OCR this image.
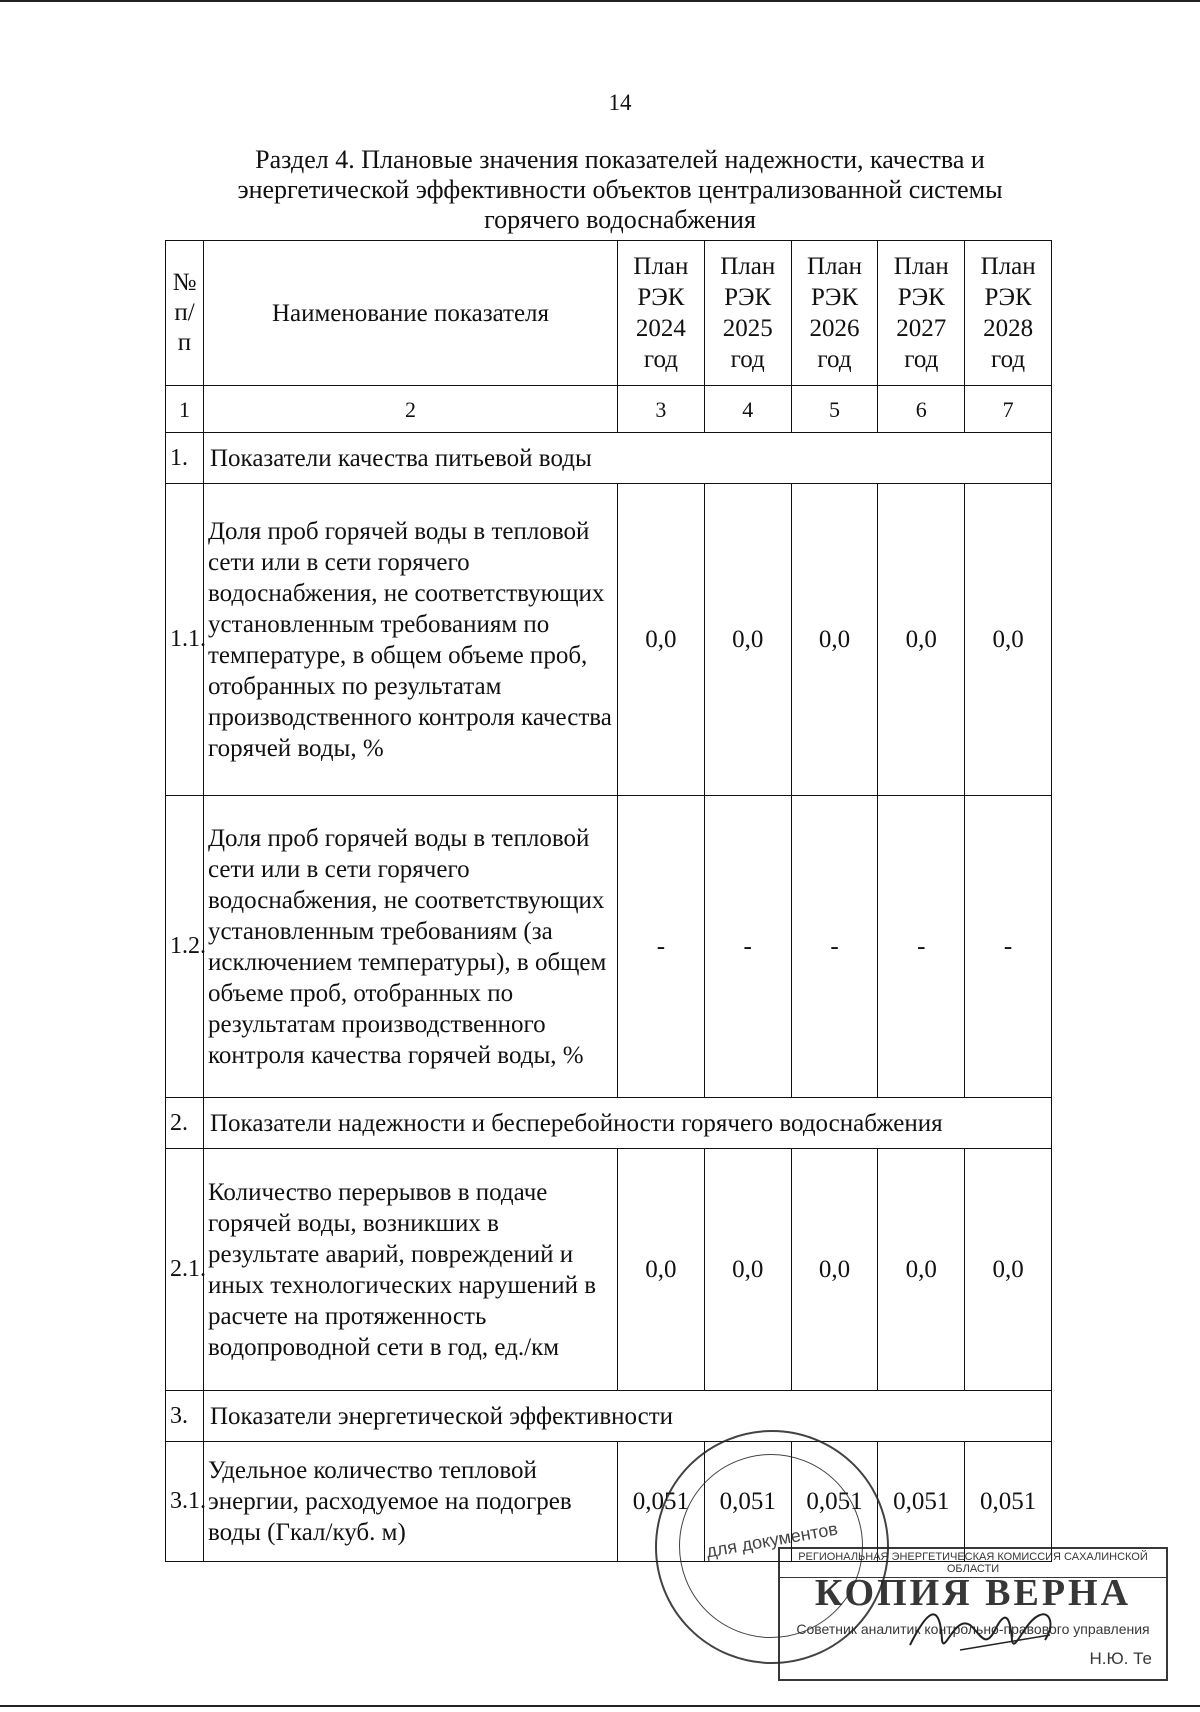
14
Раздел 4. Плановые значения показателей надежности, качества и
энергетической эффективности объектов централизованной системы
горячего водоснабжения
№ п/п	Наименование показателя	План РЭК 2024 год	План РЭК 2025 год	План РЭК 2026 год	План РЭК 2027 год	План РЭК 2028 год
1	2	3	4	5	6	7
1.	Показатели качества питьевой воды					
1.1.	Доля проб горячей воды в тепловой сети или в сети горячего водоснабжения, не соответствующих установленным требованиям по температуре, в общем объеме проб, отобранных по результатам производственного контроля качества горячей воды, %	0,0	0,0	0,0	0,0	0,0
1.2.	Доля проб горячей воды в тепловой сети или в сети горячего водоснабжения, не соответствующих установленным требованиям (за исключением температуры), в общем объеме проб, отобранных по результатам производственного контроля качества горячей воды, %	-	-	-	-	-
2.	Показатели надежности и бесперебойности горячего водоснабжения					
2.1.	Количество перерывов в подаче горячей воды, возникших в результате аварий, повреждений и иных технологических нарушений в расчете на протяженность водопроводной сети в год, ед./км	0,0	0,0	0,0	0,0	0,0
3.	Показатели энергетической эффективности					
3.1.	Удельное количество тепловой энергии, расходуемое на подогрев воды (Гкал/куб. м)	0,051	0,051	0,051	0,051	0,051
для документов
РЕГИОНАЛЬНАЯ ЭНЕРГЕТИЧЕСКАЯ КОМИССИЯ САХАЛИНСКОЙ ОБЛАСТИ
КОПИЯ ВЕРНА
Советник аналитик контрольно-правового управления
Н.Ю. Те
